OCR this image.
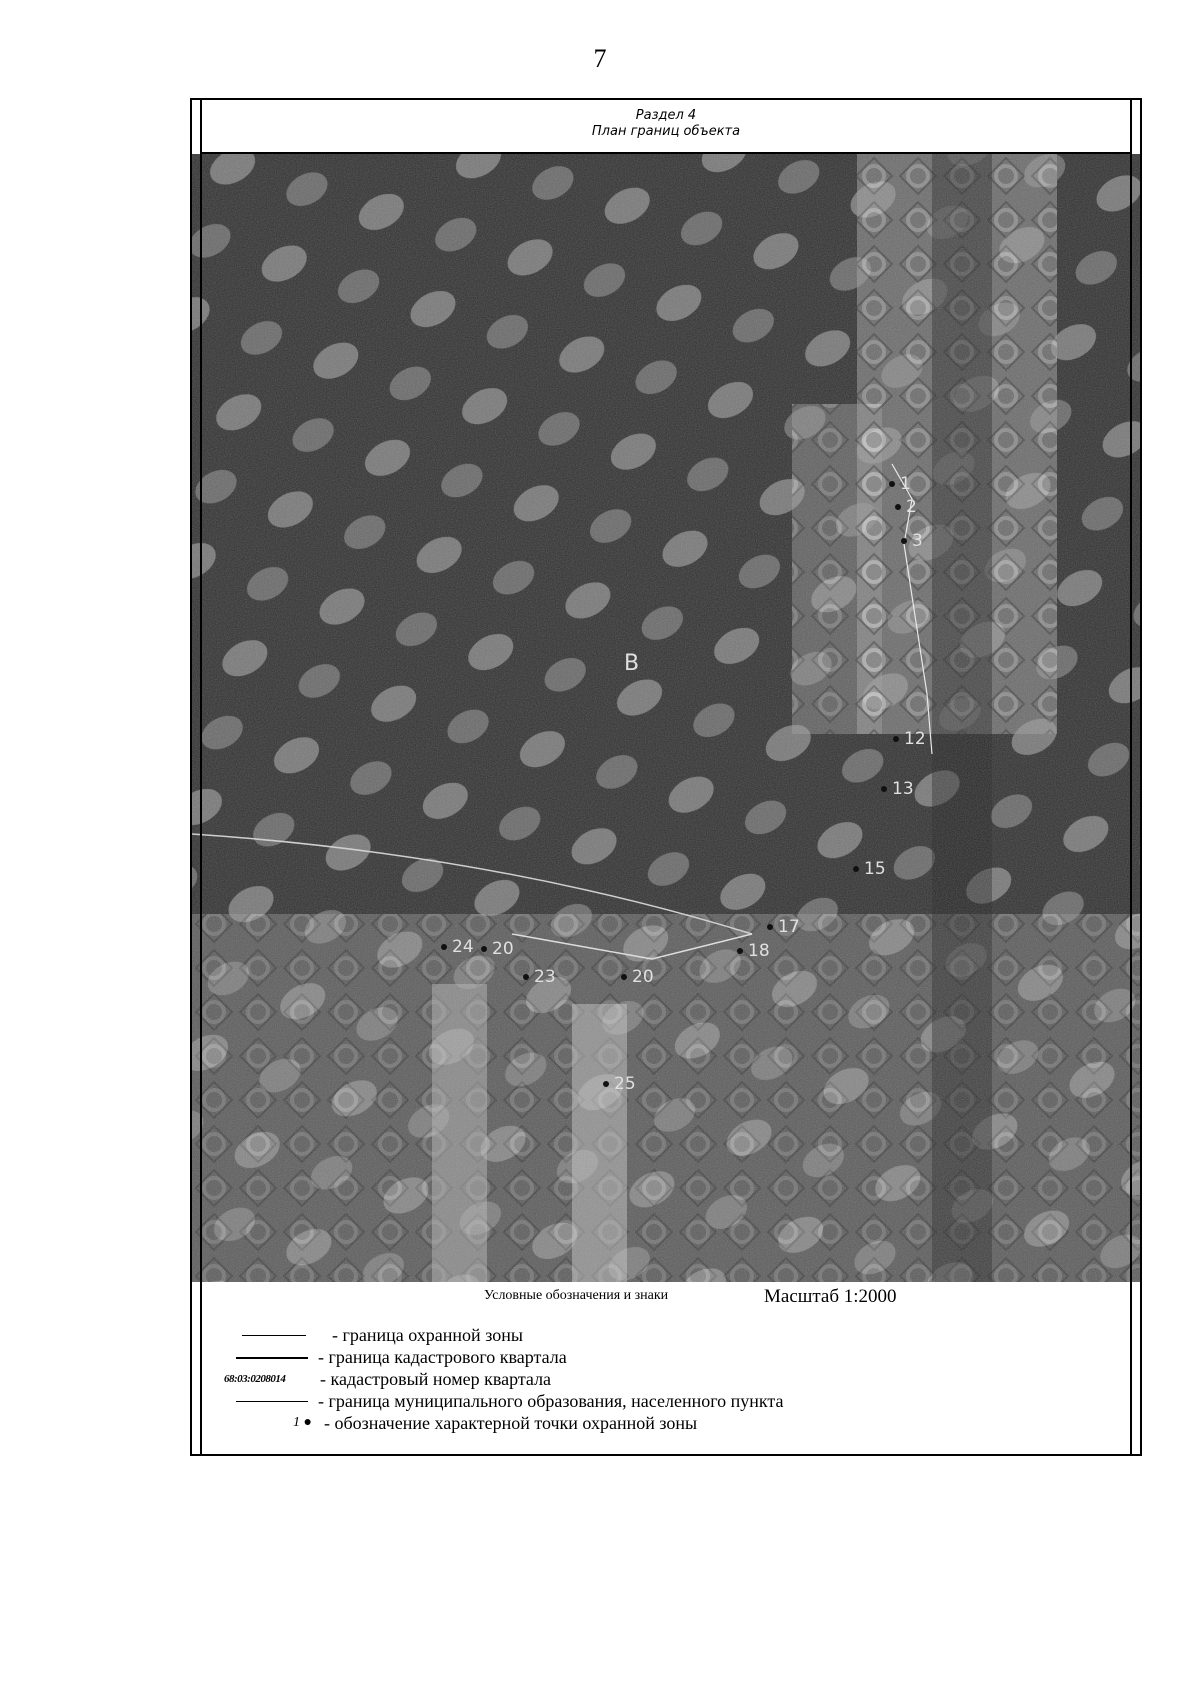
7
Раздел 4
План границ объекта
1
2
3
12
13
15
17
18
20
20
23
24
25
В
Условные обозначения и знаки	Масштаб 1:2000
- граница охранной зоны
- граница кадастрового квартала
68:03:0208014	- кадастровый номер квартала
- граница муниципального образования, населенного пункта
1 ● - обозначение характерной точки охранной зоны
